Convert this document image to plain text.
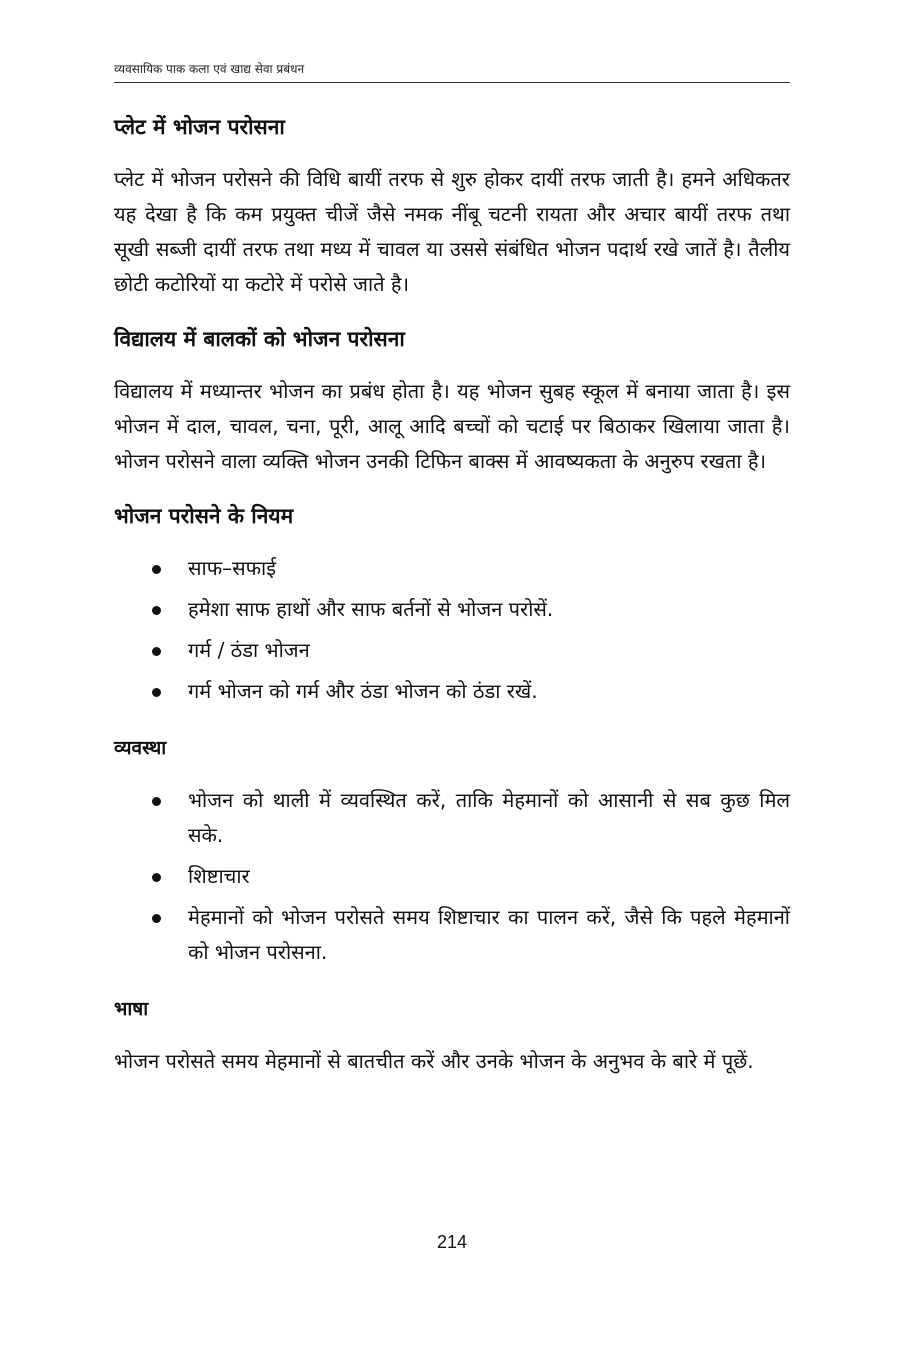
व्यवसायिक पाक कला एवं खाद्य सेवा प्रबंधन
प्लेट में भोजन परोसना

प्लेट में भोजन परोसने की विधि बायीं तरफ से शुरु होकर दायीं तरफ जाती है। हमने अधिकतर यह देखा है कि कम प्रयुक्त चीजें जैसे नमक नींबू चटनी रायता और अचार बायीं तरफ तथा सूखी सब्जी दायीं तरफ तथा मध्य में चावल या उससे संबंधित भोजन पदार्थ रखे जातें है। तैलीय छोटी कटोरियों या कटोरे में परोसे जाते है।

विद्यालय में बालकों को भोजन परोसना

विद्यालय में मध्यान्तर भोजन का प्रबंध होता है। यह भोजन सुबह स्कूल में बनाया जाता है। इस भोजन में दाल, चावल, चना, पूरी, आलू आदि बच्चों को चटाई पर बिठाकर खिलाया जाता है। भोजन परोसने वाला व्यक्ति भोजन उनकी टिफिन बाक्स में आवष्यकता के अनुरुप रखता है।

भोजन परोसने के नियम
साफ–सफाई
हमेशा साफ हाथों और साफ बर्तनों से भोजन परोसें.
गर्म / ठंडा भोजन
गर्म भोजन को गर्म और ठंडा भोजन को ठंडा रखें.
व्यवस्था
भोजन को थाली में व्यवस्थित करें, ताकि मेहमानों को आसानी से सब कुछ मिल सके.
शिष्टाचार
मेहमानों को भोजन परोसते समय शिष्टाचार का पालन करें, जैसे कि पहले मेहमानों को भोजन परोसना.
भाषा

भोजन परोसते समय मेहमानों से बातचीत करें और उनके भोजन के अनुभव के बारे में पूछें.

214
